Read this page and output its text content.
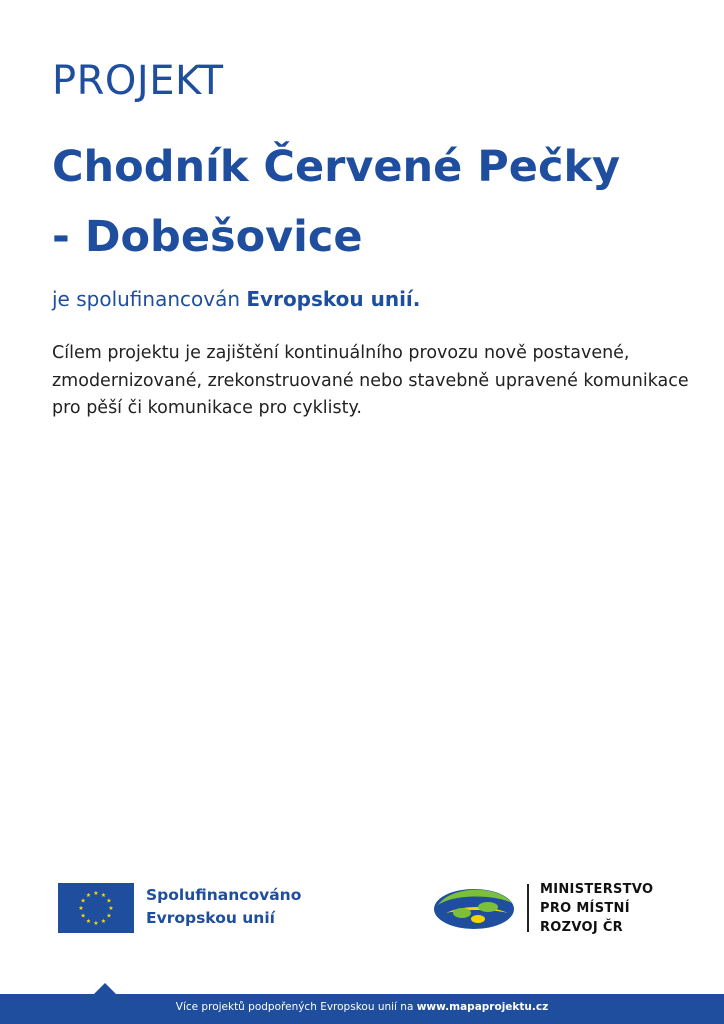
PROJEKT
Chodník Červené Pečky
- Dobešovice
je spolufinancován Evropskou unií.
Cílem projektu je zajištění kontinuálního provozu nově postavené, zmodernizované, zrekonstruované nebo stavebně upravené komunikace pro pěší či komunikace pro cyklisty.
★ ★
★
★
★
★
★
★
★
★
★
★	Spolufinancováno
Evropskou unií
MINISTERSTVO
PRO MÍSTNÍ
ROZVOJ ČR
Více projektů podpořených Evropskou unií na www.mapaprojektu.cz
